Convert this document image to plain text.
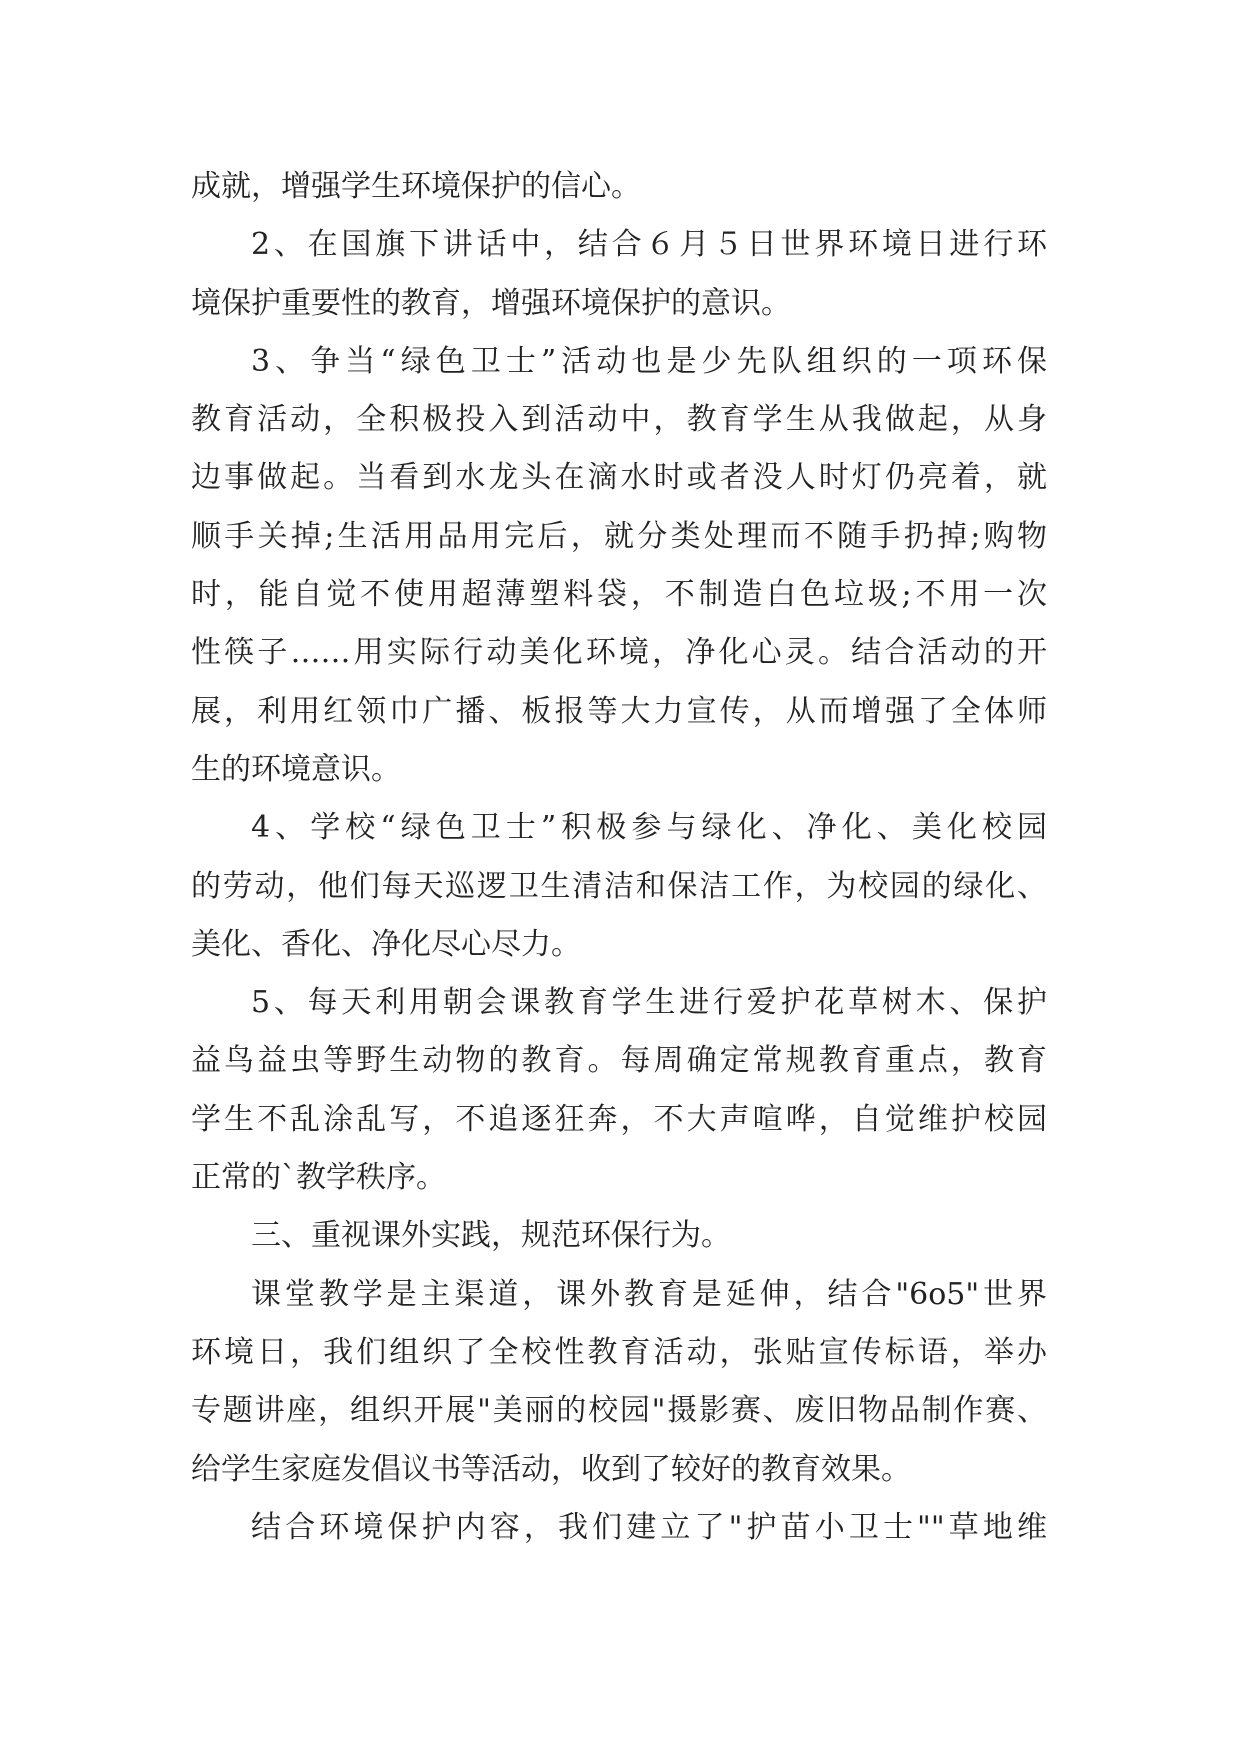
成就，增强学生环境保护的信心。
2、在国旗下讲话中，结合６月５日世界环境日进行环
境保护重要性的教育，增强环境保护的意识。
3、争当“绿色卫士”活动也是少先队组织的一项环保
教育活动，全积极投入到活动中，教育学生从我做起，从身
边事做起。当看到水龙头在滴水时或者没人时灯仍亮着，就
顺手关掉;生活用品用完后，就分类处理而不随手扔掉;购物
时，能自觉不使用超薄塑料袋，不制造白色垃圾;不用一次
性筷子……用实际行动美化环境，净化心灵。结合活动的开
展，利用红领巾广播、板报等大力宣传，从而增强了全体师
生的环境意识。
4、学校“绿色卫士”积极参与绿化、净化、美化校园
的劳动，他们每天巡逻卫生清洁和保洁工作，为校园的绿化、
美化、香化、净化尽心尽力。
5、每天利用朝会课教育学生进行爱护花草树木、保护
益鸟益虫等野生动物的教育。每周确定常规教育重点，教育
学生不乱涂乱写，不追逐狂奔，不大声喧哗，自觉维护校园
正常的`教学秩序。
三、重视课外实践，规范环保行为。
课堂教学是主渠道，课外教育是延伸，结合"6o5"世界
环境日，我们组织了全校性教育活动，张贴宣传标语，举办
专题讲座，组织开展"美丽的校园"摄影赛、废旧物品制作赛、
给学生家庭发倡议书等活动，收到了较好的教育效果。
结合环境保护内容，我们建立了"护苗小卫士""草地维
